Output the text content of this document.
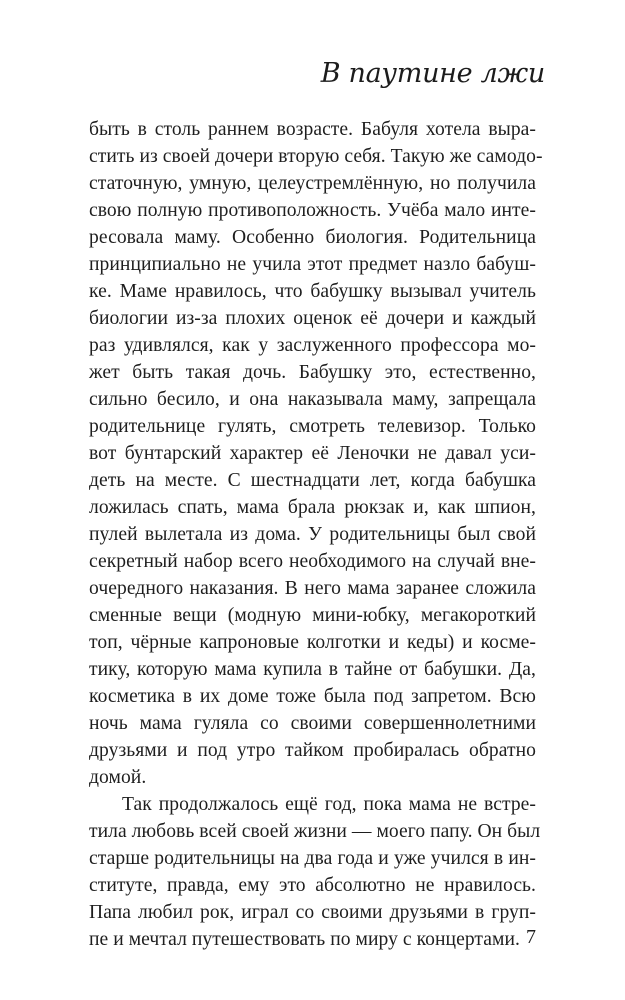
В паутине лжи
быть в столь раннем возрасте. Бабуля хотела выра-
стить из своей дочери вторую себя. Такую же самодо-
статочную, умную, целеустремлённую, но получила
свою полную противоположность. Учёба мало инте-
ресовала маму. Особенно биология. Родительница
принципиально не учила этот предмет назло бабуш-
ке. Маме нравилось, что бабушку вызывал учитель
биологии из-за плохих оценок её дочери и каждый
раз удивлялся, как у заслуженного профессора мо-
жет быть такая дочь. Бабушку это, естественно,
сильно бесило, и она наказывала маму, запрещала
родительнице гулять, смотреть телевизор. Только
вот бунтарский характер её Леночки не давал уси-
деть на месте. С шестнадцати лет, когда бабушка
ложилась спать, мама брала рюкзак и, как шпион,
пулей вылетала из дома. У родительницы был свой
секретный набор всего необходимого на случай вне-
очередного наказания. В него мама заранее сложила
сменные вещи (модную мини-юбку, мегакороткий
топ, чёрные капроновые колготки и кеды) и косме-
тику, которую мама купила в тайне от бабушки. Да,
косметика в их доме тоже была под запретом. Всю
ночь мама гуляла со своими совершеннолетними
друзьями и под утро тайком пробиралась обратно
домой.
Так продолжалось ещё год, пока мама не встре-
тила любовь всей своей жизни — моего папу. Он был
старше родительницы на два года и уже учился в ин-
ституте, правда, ему это абсолютно не нравилось.
Папа любил рок, играл со своими друзьями в груп-
пе и мечтал путешествовать по миру с концертами. 7
